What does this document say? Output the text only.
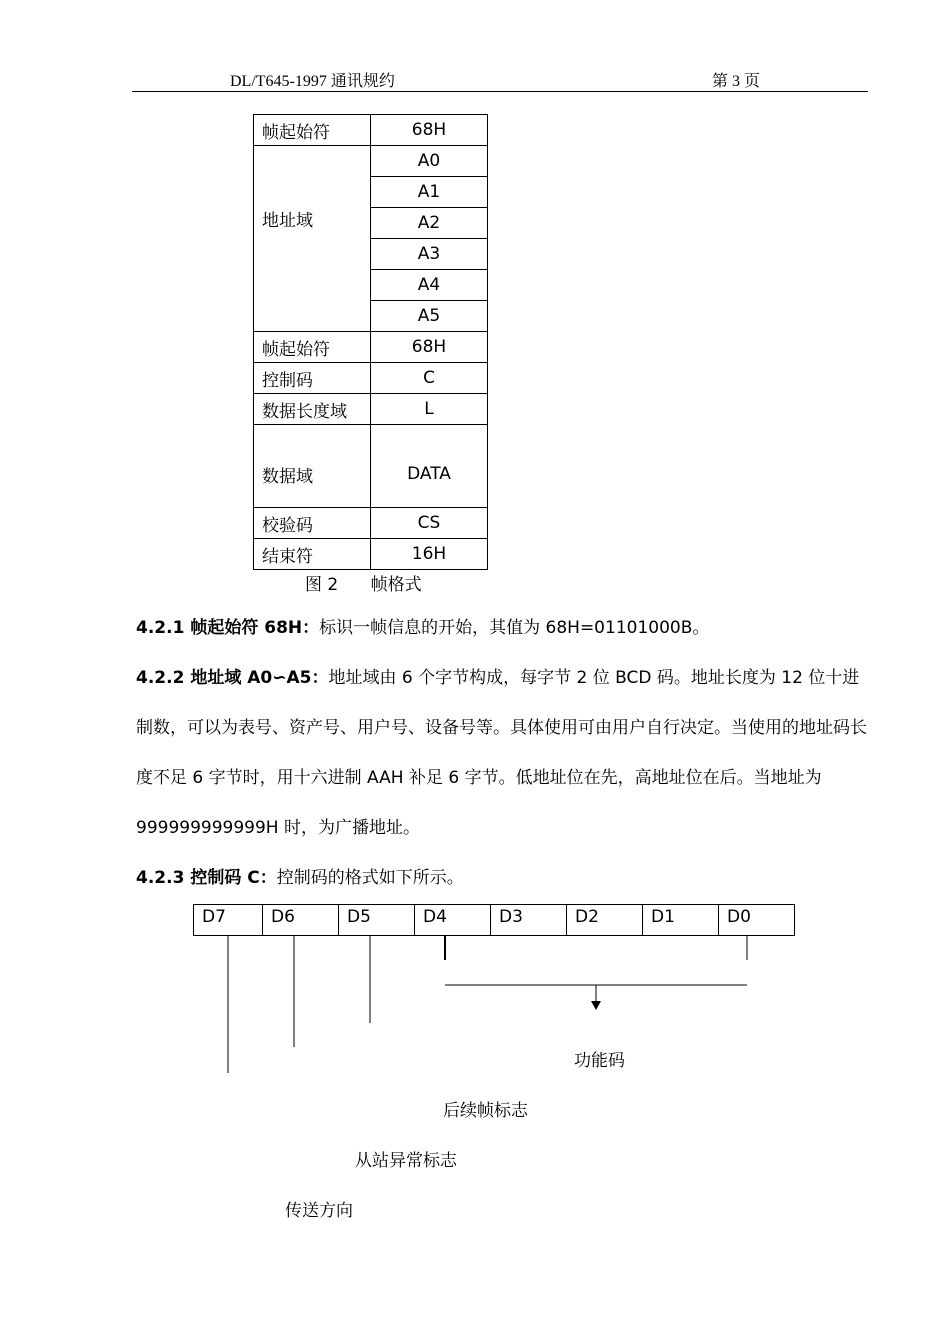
DL/T645-1997 通讯规约	第 3 页
帧起始符	68H
地址域	A0
	A1
	A2
	A3
	A4
	A5
帧起始符	68H
控制码	C
数据长度域	L
数据域	DATA
校验码	CS
结束符	16H
图 2      帧格式
4.2.1 帧起始符 68H：标识一帧信息的开始，其值为 68H=01101000B。
4.2.2 地址域 A0∽A5：地址域由 6 个字节构成，每字节 2 位 BCD 码。地址长度为 12 位十进制数，可以为表号、资产号、用户号、设备号等。具体使用可由用户自行决定。当使用的地址码长度不足 6 字节时，用十六进制 AAH 补足 6 字节。低地址位在先，高地址位在后。当地址为 999999999999H 时，为广播地址。
4.2.3 控制码 C：控制码的格式如下所示。
D7	D6	D5	D4	D3	D2	D1	D0
功能码
后续帧标志
从站异常标志
传送方向
